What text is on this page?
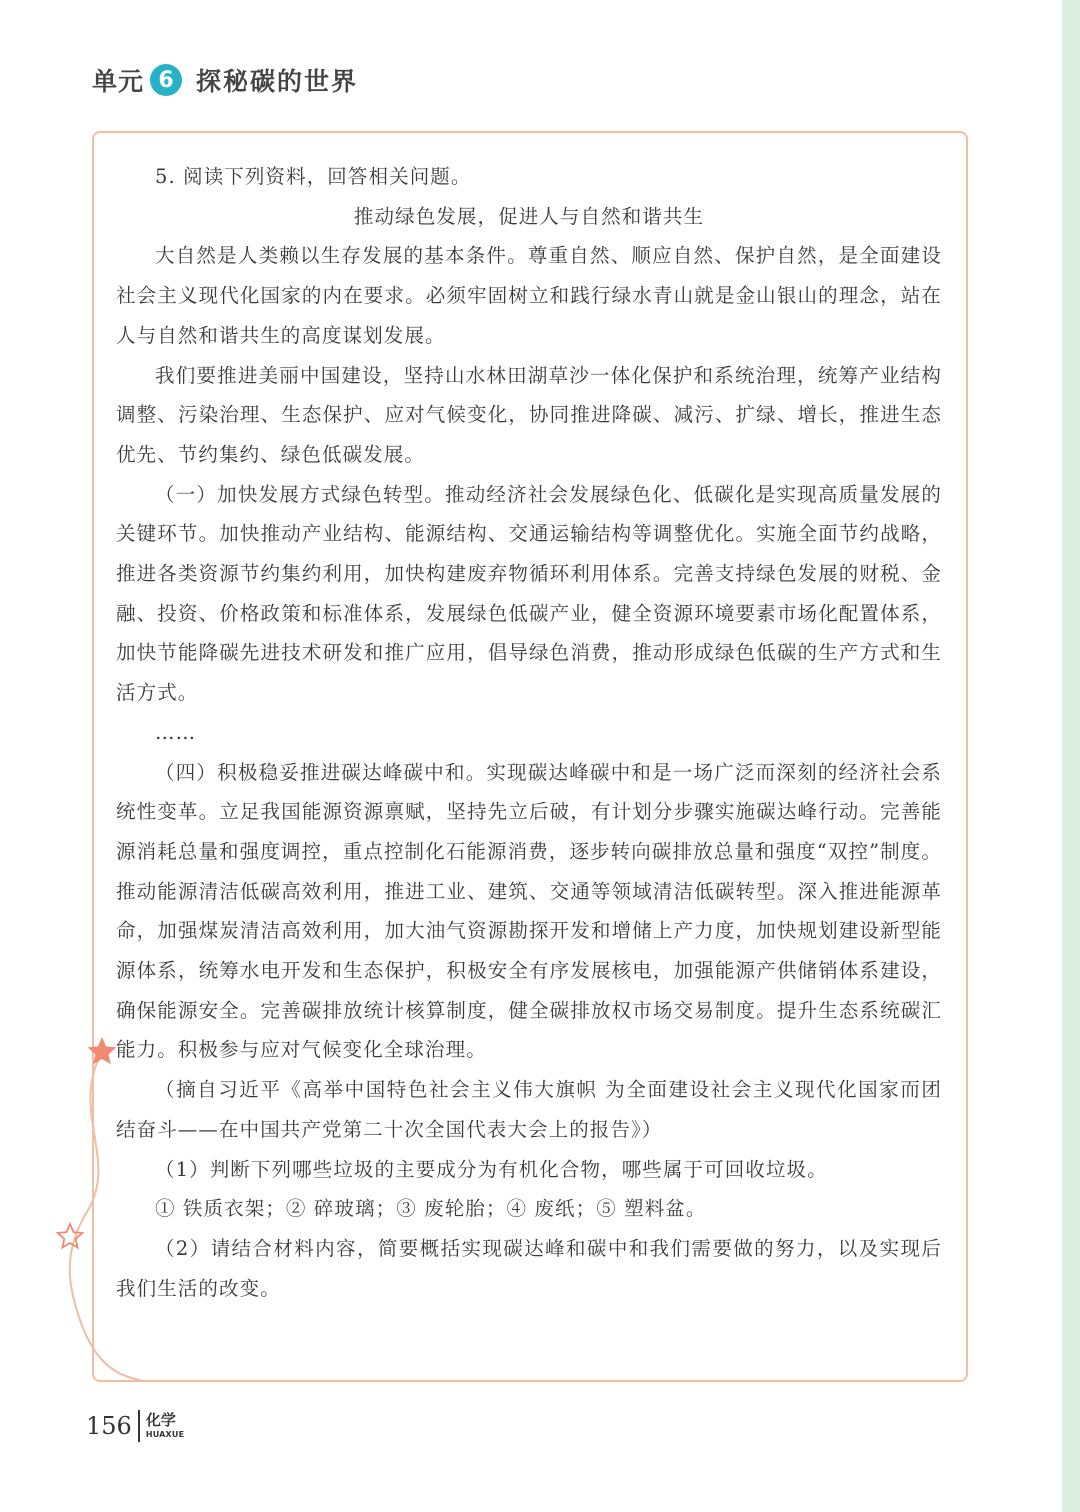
单元 6 探秘碳的世界

5. 阅读下列资料，回答相关问题。

推动绿色发展，促进人与自然和谐共生

大自然是人类赖以生存发展的基本条件。尊重自然、顺应自然、保护自然，是全面建设社会主义现代化国家的内在要求。必须牢固树立和践行绿水青山就是金山银山的理念，站在人与自然和谐共生的高度谋划发展。

我们要推进美丽中国建设，坚持山水林田湖草沙一体化保护和系统治理，统筹产业结构调整、污染治理、生态保护、应对气候变化，协同推进降碳、减污、扩绿、增长，推进生态优先、节约集约、绿色低碳发展。

（一）加快发展方式绿色转型。推动经济社会发展绿色化、低碳化是实现高质量发展的关键环节。加快推动产业结构、能源结构、交通运输结构等调整优化。实施全面节约战略，推进各类资源节约集约利用，加快构建废弃物循环利用体系。完善支持绿色发展的财税、金融、投资、价格政策和标准体系，发展绿色低碳产业，健全资源环境要素市场化配置体系，加快节能降碳先进技术研发和推广应用，倡导绿色消费，推动形成绿色低碳的生产方式和生活方式。

……

（四）积极稳妥推进碳达峰碳中和。实现碳达峰碳中和是一场广泛而深刻的经济社会系统性变革。立足我国能源资源禀赋，坚持先立后破，有计划分步骤实施碳达峰行动。完善能源消耗总量和强度调控，重点控制化石能源消费，逐步转向碳排放总量和强度“双控”制度。推动能源清洁低碳高效利用，推进工业、建筑、交通等领域清洁低碳转型。深入推进能源革命，加强煤炭清洁高效利用，加大油气资源勘探开发和增储上产力度，加快规划建设新型能源体系，统筹水电开发和生态保护，积极安全有序发展核电，加强能源产供储销体系建设，确保能源安全。完善碳排放统计核算制度，健全碳排放权市场交易制度。提升生态系统碳汇能力。积极参与应对气候变化全球治理。

（摘自习近平《高举中国特色社会主义伟大旗帜 为全面建设社会主义现代化国家而团结奋斗——在中国共产党第二十次全国代表大会上的报告》）

（1）判断下列哪些垃圾的主要成分为有机化合物，哪些属于可回收垃圾。

① 铁质衣架；② 碎玻璃；③ 废轮胎；④ 废纸；⑤ 塑料盆。

（2）请结合材料内容，简要概括实现碳达峰和碳中和我们需要做的努力，以及实现后我们生活的改变。

156 化学
HUAXUE
